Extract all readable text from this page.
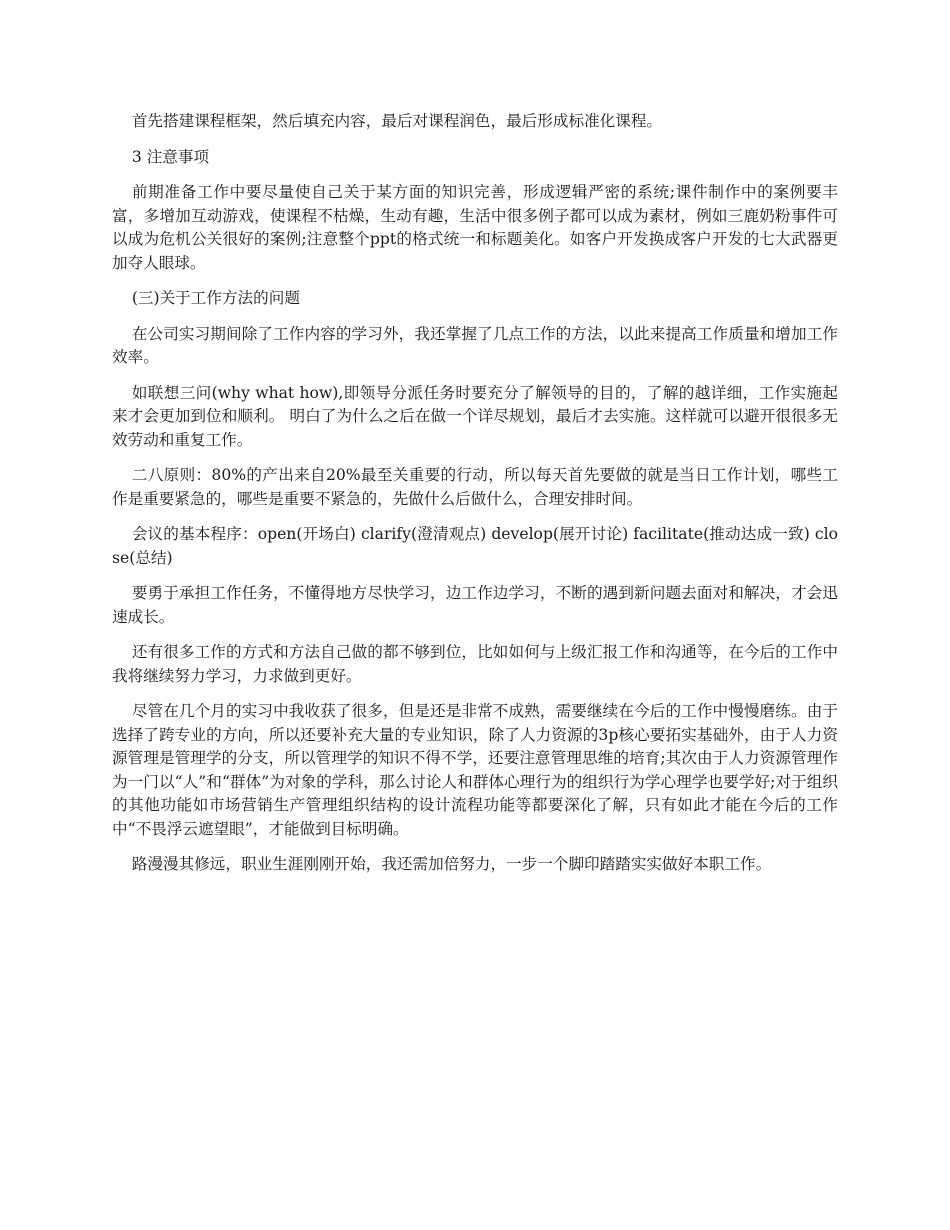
首先搭建课程框架，然后填充内容，最后对课程润色，最后形成标准化课程。

3 注意事项

前期准备工作中要尽量使自己关于某方面的知识完善，形成逻辑严密的系统;课件制作中的案例要丰富，多增加互动游戏，使课程不枯燥，生动有趣，生活中很多例子都可以成为素材，例如三鹿奶粉事件可以成为危机公关很好的案例;注意整个ppt的格式统一和标题美化。如客户开发换成客户开发的七大武器更加夺人眼球。

(三)关于工作方法的问题

在公司实习期间除了工作内容的学习外，我还掌握了几点工作的方法，以此来提高工作质量和增加工作效率。

如联想三问(why what how),即领导分派任务时要充分了解领导的目的，了解的越详细，工作实施起来才会更加到位和顺利。 明白了为什么之后在做一个详尽规划，最后才去实施。这样就可以避开很很多无效劳动和重复工作。

二八原则：80%的产出来自20%最至关重要的行动，所以每天首先要做的就是当日工作计划，哪些工作是重要紧急的，哪些是重要不紧急的，先做什么后做什么，合理安排时间。

会议的基本程序：open(开场白) clarify(澄清观点) develop(展开讨论) facilitate(推动达成一致) close(总结)

要勇于承担工作任务，不懂得地方尽快学习，边工作边学习，不断的遇到新问题去面对和解决，才会迅速成长。

还有很多工作的方式和方法自己做的都不够到位，比如如何与上级汇报工作和沟通等，在今后的工作中我将继续努力学习，力求做到更好。

尽管在几个月的实习中我收获了很多，但是还是非常不成熟，需要继续在今后的工作中慢慢磨练。由于选择了跨专业的方向，所以还要补充大量的专业知识，除了人力资源的3p核心要拓实基础外，由于人力资源管理是管理学的分支，所以管理学的知识不得不学，还要注意管理思维的培育;其次由于人力资源管理作为一门以“人”和“群体”为对象的学科，那么讨论人和群体心理行为的组织行为学心理学也要学好;对于组织的其他功能如市场营销生产管理组织结构的设计流程功能等都要深化了解，只有如此才能在今后的工作中“不畏浮云遮望眼”，才能做到目标明确。

路漫漫其修远，职业生涯刚刚开始，我还需加倍努力，一步一个脚印踏踏实实做好本职工作。
